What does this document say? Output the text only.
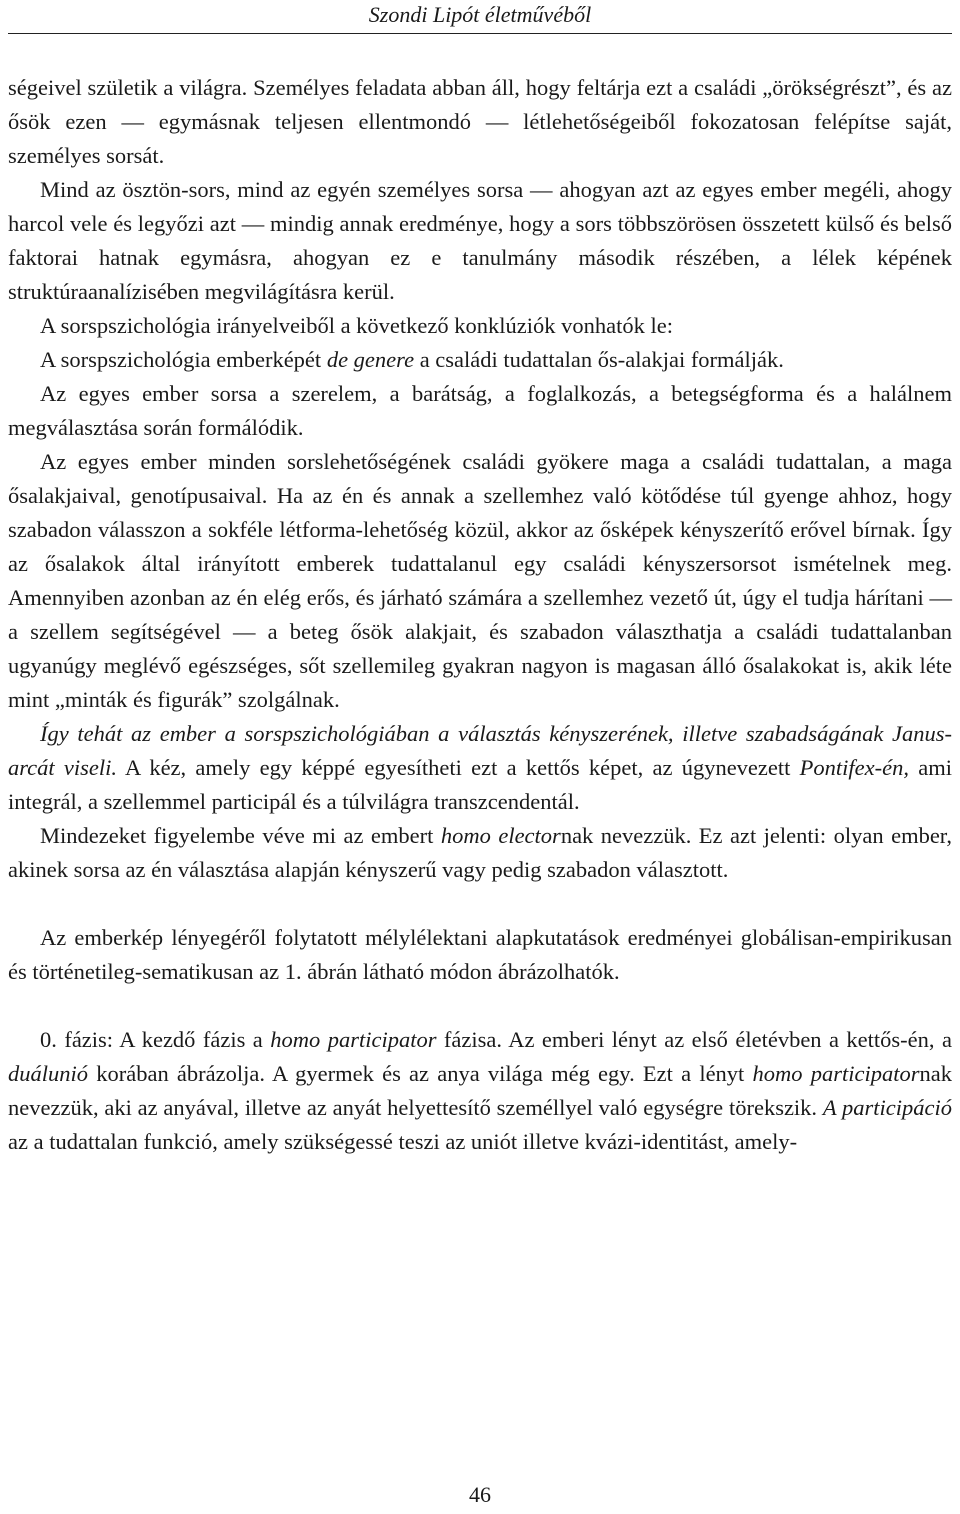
Szondi Lipót életművéből

ségeivel születik a világra. Személyes feladata abban áll, hogy feltárja ezt a családi „örökségrészt”, és az ősök ezen — egymásnak teljesen ellentmondó — létlehetőségeiből fokozatosan felépítse saját, személyes sorsát.

Mind az ösztön-sors, mind az egyén személyes sorsa — ahogyan azt az egyes ember megéli, ahogy harcol vele és legyőzi azt — mindig annak eredménye, hogy a sors többszörösen összetett külső és belső faktorai hatnak egymásra, ahogyan ez e tanulmány második részében, a lélek képének struktúraanalízisében megvilágításra kerül.

A sorspszichológia irányelveiből a következő konklúziók vonhatók le:

A sorspszichológia emberképét de genere a családi tudattalan ős-alakjai formálják.

Az egyes ember sorsa a szerelem, a barátság, a foglalkozás, a betegségforma és a halálnem megválasztása során formálódik.

Az egyes ember minden sorslehetőségének családi gyökere maga a családi tudattalan, a maga ősalakjaival, genotípusaival. Ha az én és annak a szellemhez való kötődése túl gyenge ahhoz, hogy szabadon válasszon a sokféle létforma-lehetőség közül, akkor az ősképek kényszerítő erővel bírnak. Így az ősalakok által irányított emberek tudattalanul egy családi kényszersorsot ismételnek meg. Amennyiben azonban az én elég erős, és járható számára a szellemhez vezető út, úgy el tudja hárítani — a szellem segítségével — a beteg ősök alakjait, és szabadon választhatja a családi tudattalanban ugyanúgy meglévő egészséges, sőt szellemileg gyakran nagyon is magasan álló ősalakokat is, akik léte mint „minták és figurák” szolgálnak.

Így tehát az ember a sorspszichológiában a választás kényszerének, illetve szabadságának Janus-arcát viseli. A kéz, amely egy képpé egyesítheti ezt a kettős képet, az úgynevezett Pontifex-én, ami integrál, a szellemmel participál és a túlvilágra transzcendentál.

Mindezeket figyelembe véve mi az embert homo electornak nevezzük. Ez azt jelenti: olyan ember, akinek sorsa az én választása alapján kényszerű vagy pedig szabadon választott.

Az emberkép lényegéről folytatott mélylélektani alapkutatások eredményei globálisan-empirikusan és történetileg-sematikusan az 1. ábrán látható módon ábrázolhatók.

0. fázis: A kezdő fázis a homo participator fázisa. Az emberi lényt az első életévben a kettős-én, a duálunió korában ábrázolja. A gyermek és az anya világa még egy. Ezt a lényt homo participatornak nevezzük, aki az anyával, illetve az anyát helyettesítő személlyel való egységre törekszik. A participáció az a tudattalan funkció, amely szükségessé teszi az uniót illetve kvázi-identitást, amely-

46
